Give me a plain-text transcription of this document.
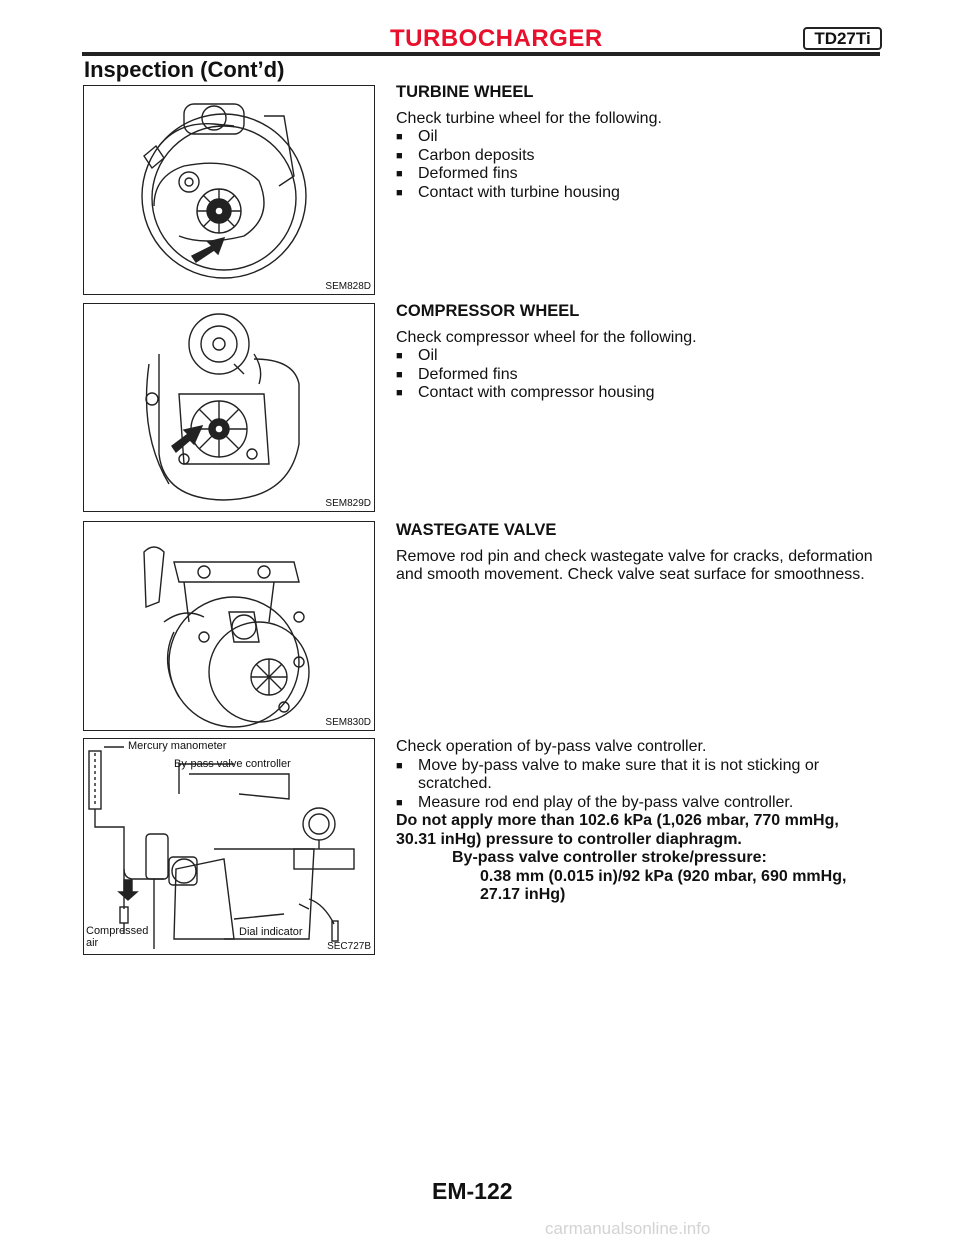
TURBOCHARGER	TD27Ti
Inspection (Cont’d)
SEM828D
TURBINE WHEEL

Check turbine wheel for the following.

■ Oil
■ Carbon deposits
■ Deformed fins
■ Contact with turbine housing
SEM829D
COMPRESSOR WHEEL

Check compressor wheel for the following.

■ Oil
■ Deformed fins
■ Contact with compressor housing
SEM830D
WASTEGATE VALVE

Remove rod pin and check wastegate valve for cracks, deformation and smooth movement. Check valve seat surface for smoothness.

Mercury manometer
By-pass valve controller
Compressed
air
Dial indicator
SEC727B

Check operation of by-pass valve controller.

■ Move by-pass valve to make sure that it is not sticking or scratched.
■ Measure rod end play of the by-pass valve controller.

Do not apply more than 102.6 kPa (1,026 mbar, 770 mmHg, 30.31 inHg) pressure to controller diaphragm.

By-pass valve controller stroke/pressure:

0.38 mm (0.015 in)/92 kPa (920 mbar, 690 mmHg,

27.17 inHg)

EM-122
carmanualsonline.info
